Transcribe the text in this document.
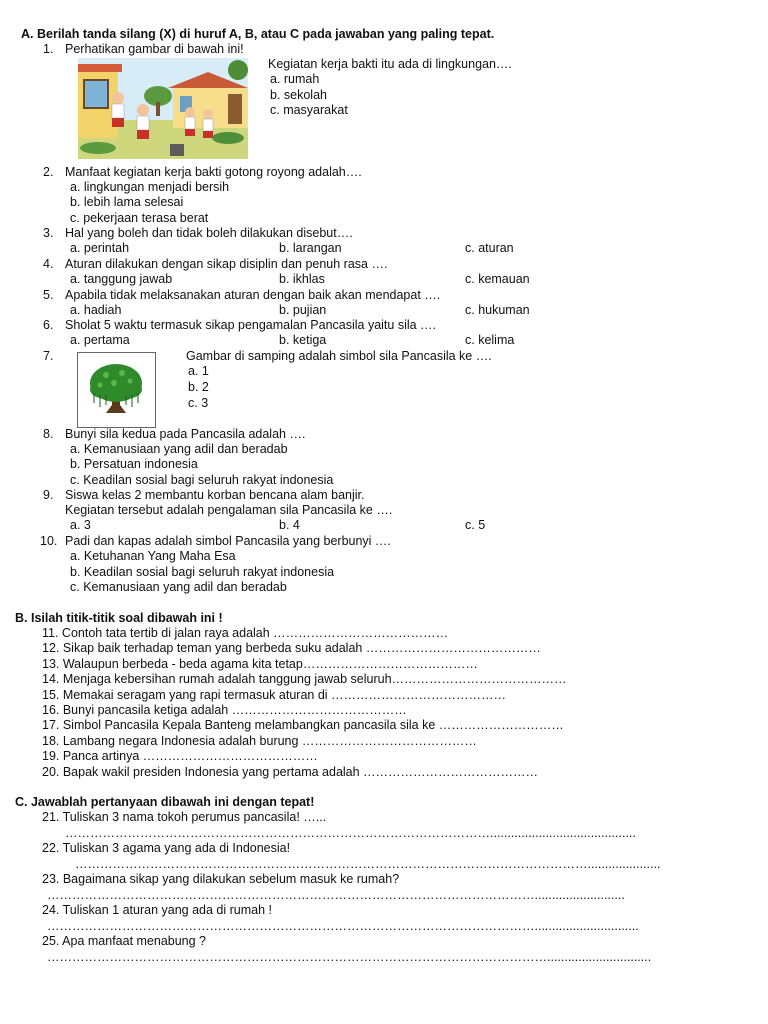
A. Berilah tanda silang (X) di huruf A, B, atau C pada jawaban yang paling tepat.
1. Perhatikan gambar di bawah ini!
Kegiatan kerja bakti itu ada di lingkungan….
a. rumah
b. sekolah
c. masyarakat
2. Manfaat kegiatan kerja bakti gotong royong adalah….
a. lingkungan menjadi bersih
b. lebih lama selesai
c. pekerjaan terasa berat
3. Hal yang boleh dan tidak boleh dilakukan disebut….
a. perintah	b. larangan	c. aturan
4. Aturan dilakukan dengan sikap disiplin dan penuh rasa ….
a. tanggung jawab	b. ikhlas	c. kemauan
5. Apabila tidak melaksanakan aturan dengan baik akan mendapat ….
a. hadiah	b. pujian	c. hukuman
6. Sholat 5 waktu termasuk sikap pengamalan Pancasila yaitu sila ….
a. pertama	b. ketiga	c. kelima
7.	Gambar di samping adalah simbol sila Pancasila ke ….
a. 1
b. 2
c. 3
8. Bunyi sila kedua pada Pancasila adalah ….
a. Kemanusiaan yang adil dan beradab
b. Persatuan indonesia
c. Keadilan sosial bagi seluruh rakyat indonesia
9. Siswa kelas 2 membantu korban bencana alam banjir.
Kegiatan tersebut adalah pengalaman sila Pancasila ke ….
a. 3	b. 4	c. 5
10. Padi dan kapas adalah simbol Pancasila yang berbunyi ….
a. Ketuhanan Yang Maha Esa
b. Keadilan sosial bagi seluruh rakyat indonesia
c. Kemanusiaan yang adil dan beradab
B. Isilah titik-titik soal dibawah ini !
11. Contoh tata tertib di jalan raya adalah ……………………………………
12. Sikap baik terhadap teman yang berbeda suku adalah ……………………………………
13. Walaupun berbeda - beda agama kita tetap……………………………………
14. Menjaga kebersihan rumah adalah tanggung jawab seluruh……………………………………
15. Memakai seragam yang rapi termasuk aturan di ……………………………………
16. Bunyi pancasila ketiga adalah ……………………………………
17. Simbol Pancasila Kepala Banteng melambangkan pancasila sila ke …………………………
18. Lambang negara Indonesia adalah burung ……………………………………
19. Panca artinya ……………………………………
20. Bapak wakil presiden Indonesia yang pertama adalah ……………………………………
C. Jawablah pertanyaan dibawah ini dengan tepat!
21. Tuliskan 3 nama tokoh perumus pancasila! …...
…………………………………………………………………………………………..........................................
22. Tuliskan 3 agama yang ada di Indonesia!
…………………………………………………………………………………………………………….....................
23. Bagaimana sikap yang dilakukan sebelum masuk ke rumah?
………………………………………………………………………………………………………..........................
24. Tuliskan 1 aturan yang ada di rumah !
………………………………………………………………………………………………………..............................
25. Apa manfaat menabung ?
…………………………………………………………………………………………………………..............................
